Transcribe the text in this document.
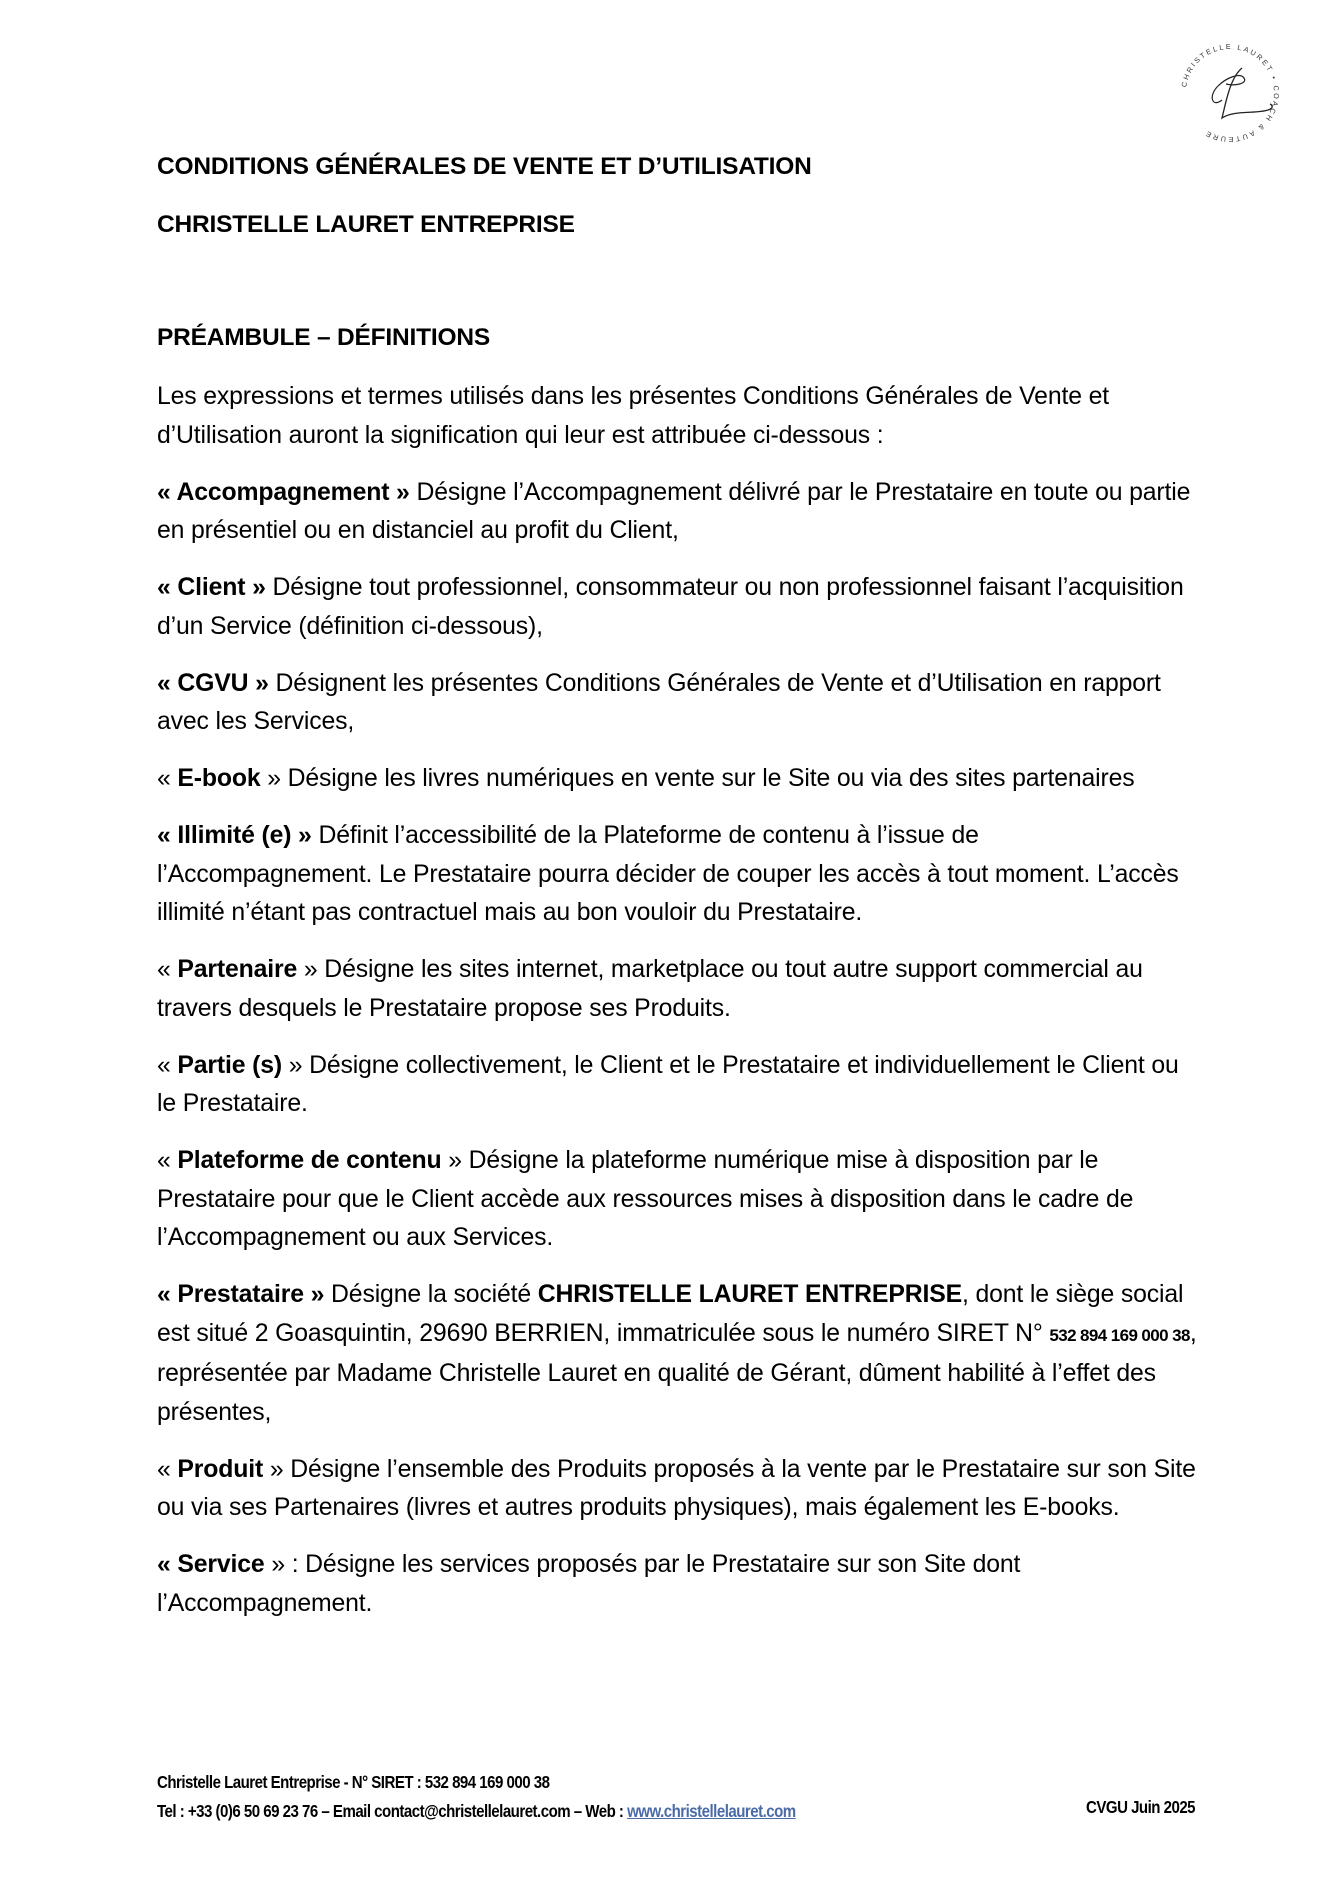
CHRISTELLE LAURET • COACH & AUTEURE
CONDITIONS GÉNÉRALES DE VENTE ET D’UTILISATION
CHRISTELLE LAURET ENTREPRISE
PRÉAMBULE – DÉFINITIONS

Les expressions et termes utilisés dans les présentes Conditions Générales de Vente et d’Utilisation auront la signification qui leur est attribuée ci-dessous :

« Accompagnement » Désigne l’Accompagnement délivré par le Prestataire en toute ou partie en présentiel ou en distanciel au profit du Client,

« Client » Désigne tout professionnel, consommateur ou non professionnel faisant l’acquisition d’un Service (définition ci-dessous),

« CGVU » Désignent les présentes Conditions Générales de Vente et d’Utilisation en rapport avec les Services,

« E-book » Désigne les livres numériques en vente sur le Site ou via des sites partenaires

« Illimité (e) » Définit l’accessibilité de la Plateforme de contenu à l’issue de l’Accompagnement. Le Prestataire pourra décider de couper les accès à tout moment. L’accès illimité n’étant pas contractuel mais au bon vouloir du Prestataire.

« Partenaire » Désigne les sites internet, marketplace ou tout autre support commercial au travers desquels le Prestataire propose ses Produits.

« Partie (s) » Désigne collectivement, le Client et le Prestataire et individuellement le Client ou le Prestataire.

« Plateforme de contenu » Désigne la plateforme numérique mise à disposition par le Prestataire pour que le Client accède aux ressources mises à disposition dans le cadre de l’Accompagnement ou aux Services.

« Prestataire » Désigne la société CHRISTELLE LAURET ENTREPRISE, dont le siège social est situé 2 Goasquintin, 29690 BERRIEN, immatriculée sous le numéro SIRET N° 532 894 169 000 38, représentée par Madame Christelle Lauret en qualité de Gérant, dûment habilité à l’effet des présentes,

« Produit » Désigne l’ensemble des Produits proposés à la vente par le Prestataire sur son Site ou via ses Partenaires (livres et autres produits physiques), mais également les E-books.

« Service » : Désigne les services proposés par le Prestataire sur son Site dont l’Accompagnement.

Christelle Lauret Entreprise - N° SIRET : 532 894 169 000 38
Tel : +33 (0)6 50 69 23 76 – Email contact@christellelauret.com – Web : www.christellelauret.com	CVGU Juin 2025
